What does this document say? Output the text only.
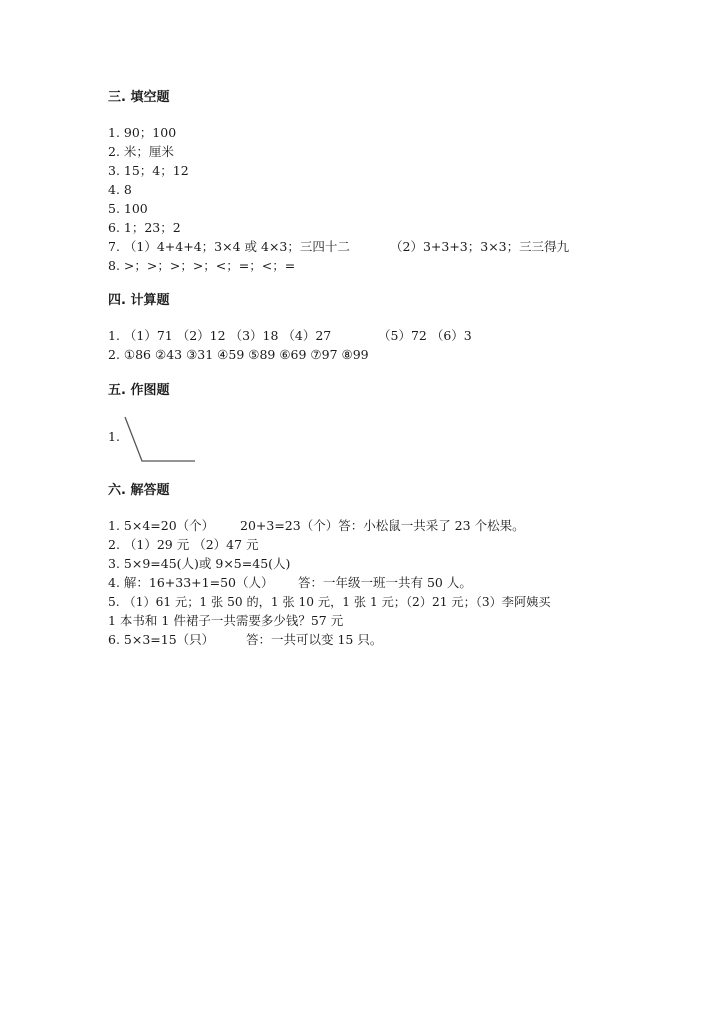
三. 填空题
1. 90；100
2. 米；厘米
3. 15；4；12
4. 8
5. 100
6. 1；23；2
7. （1）4+4+4；3×4 或 4×3；三四十二	（2）3+3+3；3×3；三三得九
8. >；>；>；>；<；=；<；=
四. 计算题
1. （1）71 （2）12 （3）18 （4）27	（5）72 （6）3
2. ①86 ②43 ③31 ④59 ⑤89 ⑥69 ⑦97 ⑧99
五. 作图题
1.
六. 解答题
1. 5×4=20（个） 20+3=23（个）答：小松鼠一共采了 23 个松果。
2. （1）29 元 （2）47 元
3. 5×9=45(人)或 9×5=45(人)
4. 解：16+33+1=50（人） 答：一年级一班一共有 50 人。
5. （1）61 元；1 张 50 的，1 张 10 元，1 张 1 元；（2）21 元；（3）李阿姨买
1 本书和 1 件裙子一共需要多少钱？57 元
6. 5×3=15（只）	答：一共可以变 15 只。
